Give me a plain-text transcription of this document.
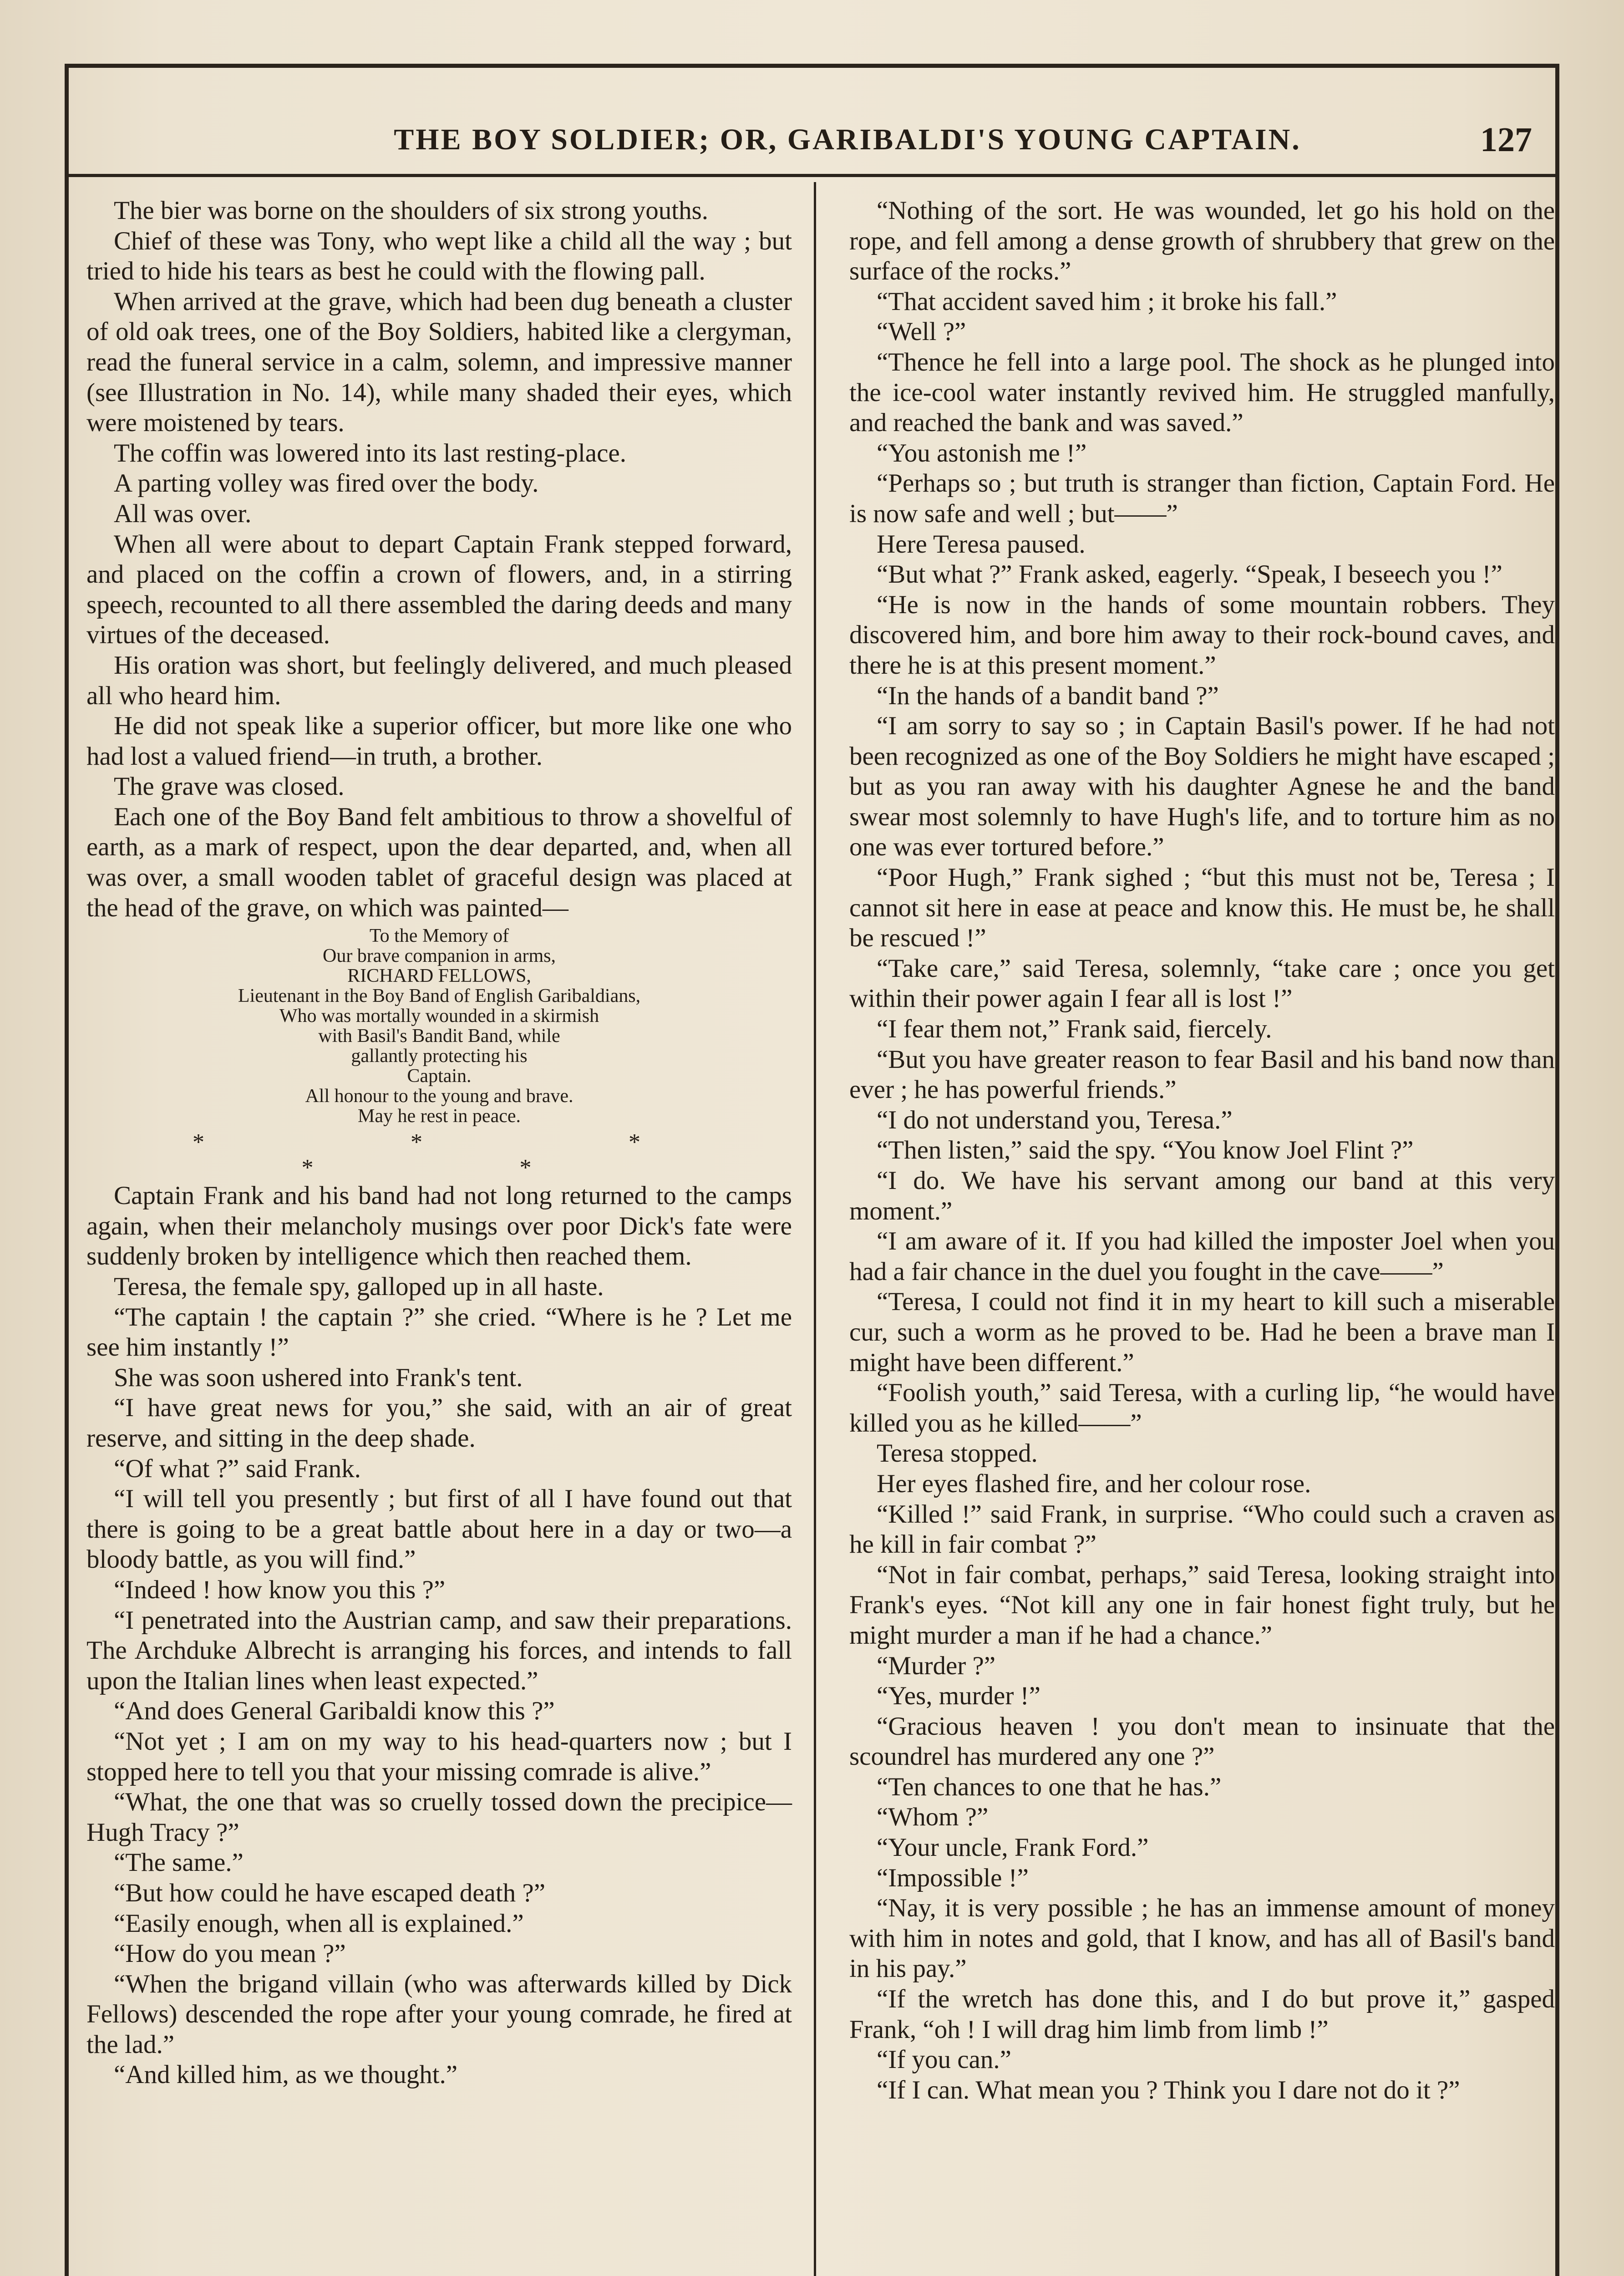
THE BOY SOLDIER; OR, GARIBALDI'S YOUNG CAPTAIN.	127

The bier was borne on the shoulders of six strong youths.

Chief of these was Tony, who wept like a child all the way ; but tried to hide his tears as best he could with the flowing pall.

When arrived at the grave, which had been dug beneath a cluster of old oak trees, one of the Boy Soldiers, habited like a clergyman, read the funeral service in a calm, solemn, and impressive manner (see Illustration in No. 14), while many shaded their eyes, which were moistened by tears.

The coffin was lowered into its last resting-place.

A parting volley was fired over the body.

All was over.

When all were about to depart Captain Frank stepped forward, and placed on the coffin a crown of flowers, and, in a stirring speech, recounted to all there assembled the daring deeds and many virtues of the deceased.

His oration was short, but feelingly delivered, and much pleased all who heard him.

He did not speak like a superior officer, but more like one who had lost a valued friend—in truth, a brother.

The grave was closed.

Each one of the Boy Band felt ambitious to throw a shovelful of earth, as a mark of respect, upon the dear departed, and, when all was over, a small wooden tablet of graceful design was placed at the head of the grave, on which was painted—

To the Memory of
Our brave companion in arms,
RICHARD FELLOWS,
Lieutenant in the Boy Band of English Garibaldians,
Who was mortally wounded in a skirmish
with Basil's Bandit Band, while
gallantly protecting his
Captain.
All honour to the young and brave.
May he rest in peace.
* * * * *

Captain Frank and his band had not long returned to the camps again, when their melancholy musings over poor Dick's fate were suddenly broken by intelligence which then reached them.

Teresa, the female spy, galloped up in all haste.

“The captain ! the captain ?” she cried. “Where is he ? Let me see him instantly !”

She was soon ushered into Frank's tent.

“I have great news for you,” she said, with an air of great reserve, and sitting in the deep shade.

“Of what ?” said Frank.

“I will tell you presently ; but first of all I have found out that there is going to be a great battle about here in a day or two—a bloody battle, as you will find.”

“Indeed ! how know you this ?”

“I penetrated into the Austrian camp, and saw their preparations. The Archduke Albrecht is arranging his forces, and intends to fall upon the Italian lines when least expected.”

“And does General Garibaldi know this ?”

“Not yet ; I am on my way to his head-quarters now ; but I stopped here to tell you that your missing comrade is alive.”

“What, the one that was so cruelly tossed down the precipice—Hugh Tracy ?”

“The same.”

“But how could he have escaped death ?”

“Easily enough, when all is explained.”

“How do you mean ?”

“When the brigand villain (who was afterwards killed by Dick Fellows) descended the rope after your young comrade, he fired at the lad.”

“And killed him, as we thought.”

“Nothing of the sort. He was wounded, let go his hold on the rope, and fell among a dense growth of shrubbery that grew on the surface of the rocks.”

“That accident saved him ; it broke his fall.”

“Well ?”

“Thence he fell into a large pool. The shock as he plunged into the ice-cool water instantly revived him. He struggled manfully, and reached the bank and was saved.”

“You astonish me !”

“Perhaps so ; but truth is stranger than fiction, Captain Ford. He is now safe and well ; but——”

Here Teresa paused.

“But what ?” Frank asked, eagerly. “Speak, I beseech you !”

“He is now in the hands of some mountain robbers. They discovered him, and bore him away to their rock-bound caves, and there he is at this present moment.”

“In the hands of a bandit band ?”

“I am sorry to say so ; in Captain Basil's power. If he had not been recognized as one of the Boy Soldiers he might have escaped ; but as you ran away with his daughter Agnese he and the band swear most solemnly to have Hugh's life, and to torture him as no one was ever tortured before.”

“Poor Hugh,” Frank sighed ; “but this must not be, Teresa ; I cannot sit here in ease at peace and know this. He must be, he shall be rescued !”

“Take care,” said Teresa, solemnly, “take care ; once you get within their power again I fear all is lost !”

“I fear them not,” Frank said, fiercely.

“But you have greater reason to fear Basil and his band now than ever ; he has powerful friends.”

“I do not understand you, Teresa.”

“Then listen,” said the spy. “You know Joel Flint ?”

“I do. We have his servant among our band at this very moment.”

“I am aware of it. If you had killed the imposter Joel when you had a fair chance in the duel you fought in the cave——”

“Teresa, I could not find it in my heart to kill such a miserable cur, such a worm as he proved to be. Had he been a brave man I might have been different.”

“Foolish youth,” said Teresa, with a curling lip, “he would have killed you as he killed——”

Teresa stopped.

Her eyes flashed fire, and her colour rose.

“Killed !” said Frank, in surprise. “Who could such a craven as he kill in fair combat ?”

“Not in fair combat, perhaps,” said Teresa, looking straight into Frank's eyes. “Not kill any one in fair honest fight truly, but he might murder a man if he had a chance.”

“Murder ?”

“Yes, murder !”

“Gracious heaven ! you don't mean to insinuate that the scoundrel has murdered any one ?”

“Ten chances to one that he has.”

“Whom ?”

“Your uncle, Frank Ford.”

“Impossible !”

“Nay, it is very possible ; he has an immense amount of money with him in notes and gold, that I know, and has all of Basil's band in his pay.”

“If the wretch has done this, and I do but prove it,” gasped Frank, “oh ! I will drag him limb from limb !”

“If you can.”

“If I can. What mean you ? Think you I dare not do it ?”
